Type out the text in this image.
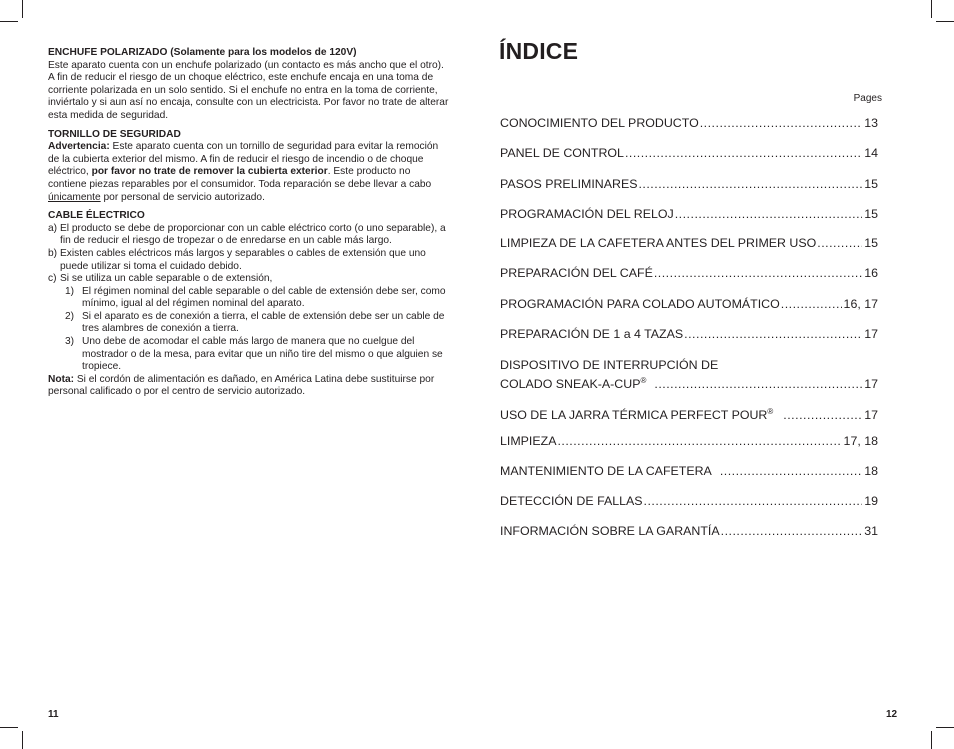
ENCHUFE POLARIZADO (Solamente para los modelos de 120V)

Este aparato cuenta con un enchufe polarizado (un contacto es más ancho que el otro). A fin de reducir el riesgo de un choque eléctrico, este enchufe encaja en una toma de corriente polarizada en un solo sentido. Si el enchufe no entra en la toma de corriente, inviértalo y si aun así no encaja, consulte con un electricista. Por favor no trate de alterar esta medida de seguridad.

TORNILLO DE SEGURIDAD

Advertencia: Este aparato cuenta con un tornillo de seguridad para evitar la remoción de la cubierta exterior del mismo. A fin de reducir el riesgo de incendio o de choque eléctrico, por favor no trate de remover la cubierta exterior. Este producto no contiene piezas reparables por el consumidor. Toda reparación se debe llevar a cabo únicamente por personal de servicio autorizado.

CABLE ÉLECTRICO

a) El producto se debe de proporcionar con un cable eléctrico corto (o uno separable), a fin de reducir el riesgo de tropezar o de enredarse en un cable más largo.

b) Existen cables eléctricos más largos y separables o cables de extensión que uno puede utilizar si toma el cuidado debido.

c) Si se utiliza un cable separable o de extensión,

1) El régimen nominal del cable separable o del cable de extensión debe ser, como mínimo, igual al del régimen nominal del aparato.

2) Si el aparato es de conexión a tierra, el cable de extensión debe ser un cable de tres alambres de conexión a tierra.

3) Uno debe de acomodar el cable más largo de manera que no cuelgue del mostrador o de la mesa, para evitar que un niño tire del mismo o que alguien se tropiece.

Nota: Si el cordón de alimentación es dañado, en América Latina debe sustituirse por personal calificado o por el centro de servicio autorizado.

11
ÍNDICE
Pages
CONOCIMIENTO DEL PRODUCTO .....	13
PANEL DE CONTROL .....	14
PASOS PRELIMINARES .....	15
PROGRAMACIÓN DEL RELOJ .....	15
LIMPIEZA DE LA CAFETERA ANTES DEL PRIMER USO .....	15
PREPARACIÓN DEL CAFÉ .....	16
PROGRAMACIÓN PARA COLADO AUTOMÁTICO .....	16, 17
PREPARACIÓN DE 1 a 4 TAZAS .....	17
DISPOSITIVO DE INTERRUPCIÓN DE
COLADO SNEAK-A-CUP® .....	17
USO DE LA JARRA TÉRMICA PERFECT POUR® .....	17
LIMPIEZA .....	17, 18
MANTENIMIENTO DE LA CAFETERA .....	18
DETECCIÓN DE FALLAS .....	19
INFORMACIÓN SOBRE LA GARANTÍA .....	31
12
